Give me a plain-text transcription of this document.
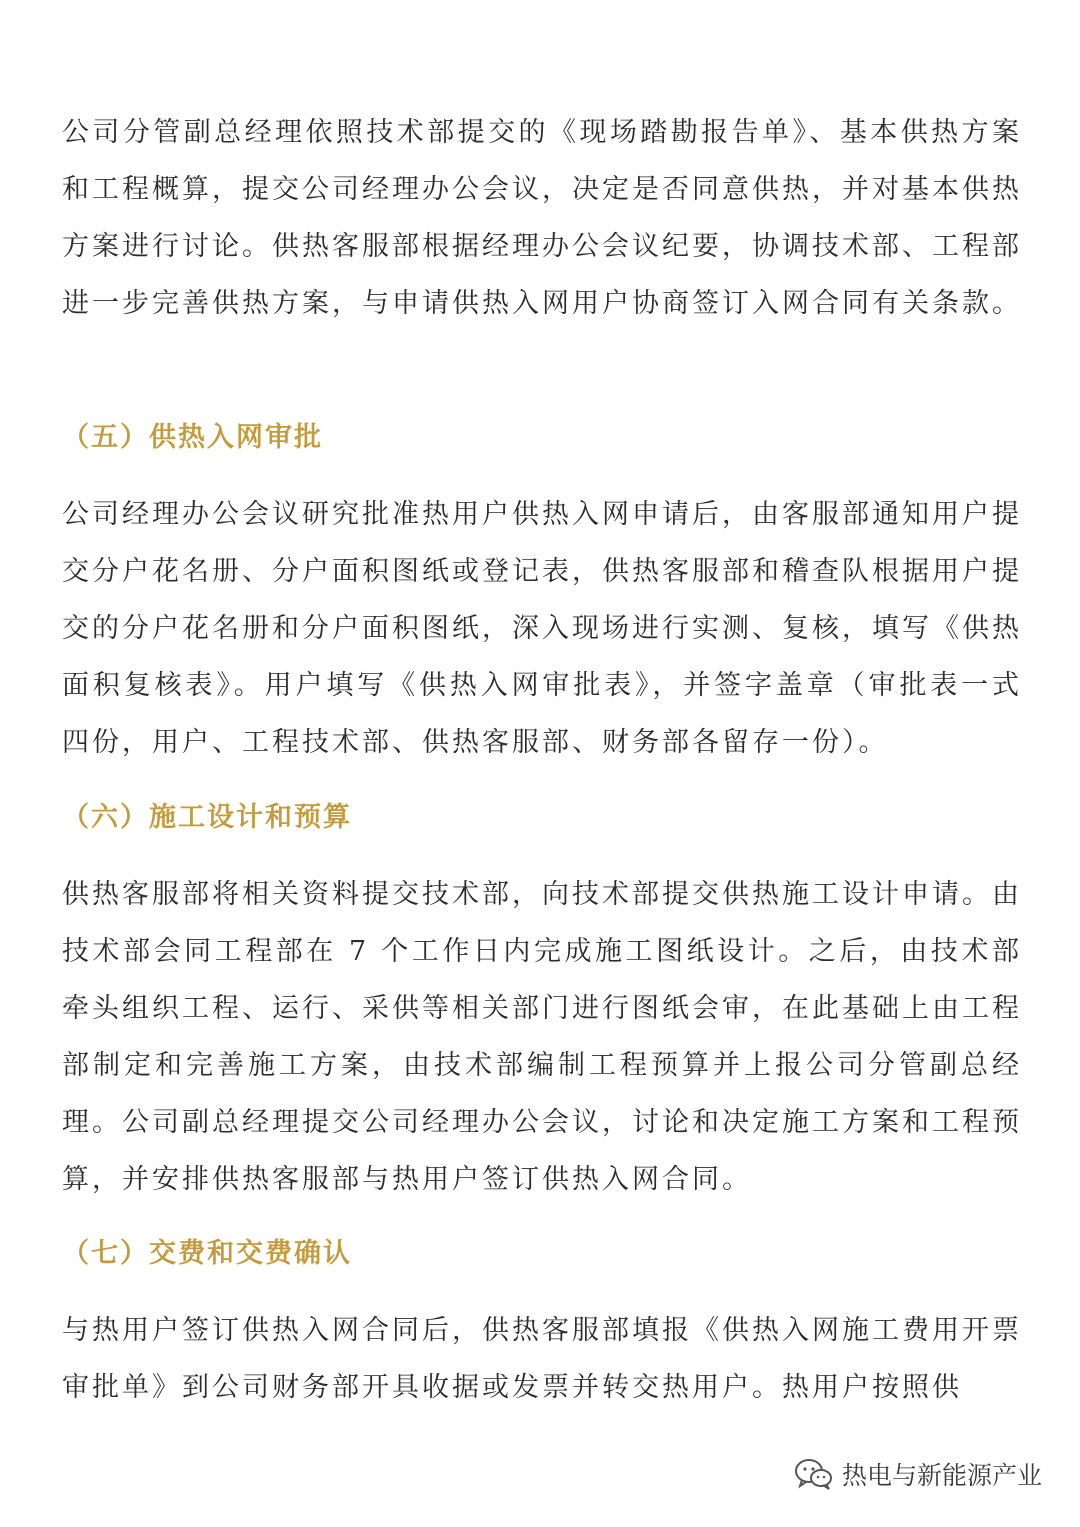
公司分管副总经理依照技术部提交的《现场踏勘报告单》、基本供热方案和工程概算，提交公司经理办公会议，决定是否同意供热，并对基本供热方案进行讨论。供热客服部根据经理办公会议纪要，协调技术部、工程部进一步完善供热方案，与申请供热入网用户协商签订入网合同有关条款。

（五）供热入网审批

公司经理办公会议研究批准热用户供热入网申请后，由客服部通知用户提交分户花名册、分户面积图纸或登记表，供热客服部和稽查队根据用户提交的分户花名册和分户面积图纸，深入现场进行实测、复核，填写《供热面积复核表》。用户填写《供热入网审批表》，并签字盖章（审批表一式四份，用户、工程技术部、供热客服部、财务部各留存一份）。

（六）施工设计和预算

供热客服部将相关资料提交技术部，向技术部提交供热施工设计申请。由技术部会同工程部在 7 个工作日内完成施工图纸设计。之后，由技术部牵头组织工程、运行、采供等相关部门进行图纸会审，在此基础上由工程部制定和完善施工方案，由技术部编制工程预算并上报公司分管副总经理。公司副总经理提交公司经理办公会议，讨论和决定施工方案和工程预算，并安排供热客服部与热用户签订供热入网合同。

（七）交费和交费确认

与热用户签订供热入网合同后，供热客服部填报《供热入网施工费用开票审批单》到公司财务部开具收据或发票并转交热用户。热用户按照供

热电与新能源产业
